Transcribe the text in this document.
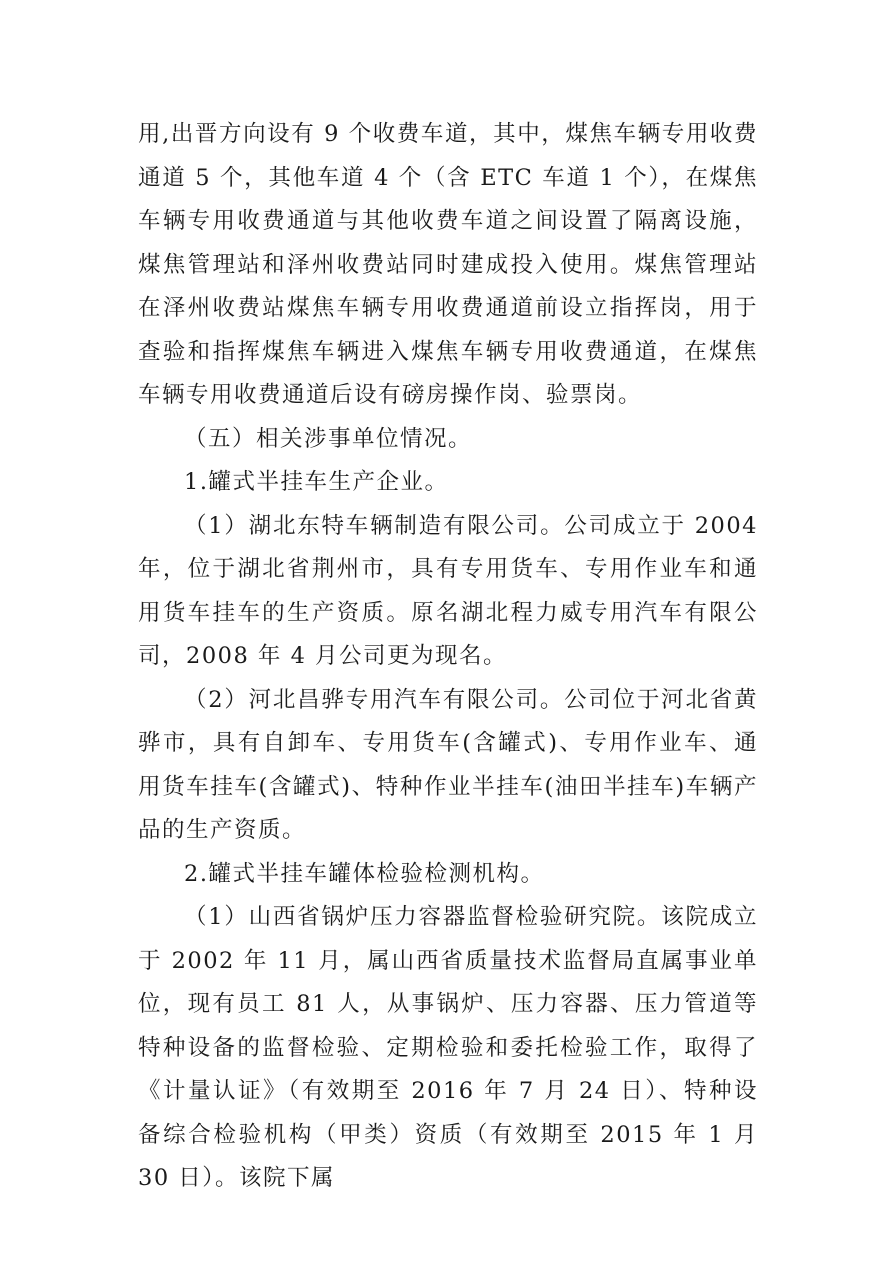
用,出晋方向设有 9 个收费车道，其中，煤焦车辆专用收费通道 5 个，其他车道 4 个（含 ETC 车道 1 个），在煤焦车辆专用收费通道与其他收费车道之间设置了隔离设施，煤焦管理站和泽州收费站同时建成投入使用。煤焦管理站在泽州收费站煤焦车辆专用收费通道前设立指挥岗，用于查验和指挥煤焦车辆进入煤焦车辆专用收费通道，在煤焦车辆专用收费通道后设有磅房操作岗、验票岗。

（五）相关涉事单位情况。

1.罐式半挂车生产企业。

（1）湖北东特车辆制造有限公司。公司成立于 2004 年，位于湖北省荆州市，具有专用货车、专用作业车和通用货车挂车的生产资质。原名湖北程力威专用汽车有限公司，2008 年 4 月公司更为现名。

（2）河北昌骅专用汽车有限公司。公司位于河北省黄骅市，具有自卸车、专用货车(含罐式)、专用作业车、通用货车挂车(含罐式)、特种作业半挂车(油田半挂车)车辆产品的生产资质。

2.罐式半挂车罐体检验检测机构。

（1）山西省锅炉压力容器监督检验研究院。该院成立于 2002 年 11 月，属山西省质量技术监督局直属事业单位，现有员工 81 人，从事锅炉、压力容器、压力管道等特种设备的监督检验、定期检验和委托检验工作，取得了《计量认证》（有效期至 2016 年 7 月 24 日）、特种设备综合检验机构（甲类）资质（有效期至 2015 年 1 月 30 日）。该院下属
